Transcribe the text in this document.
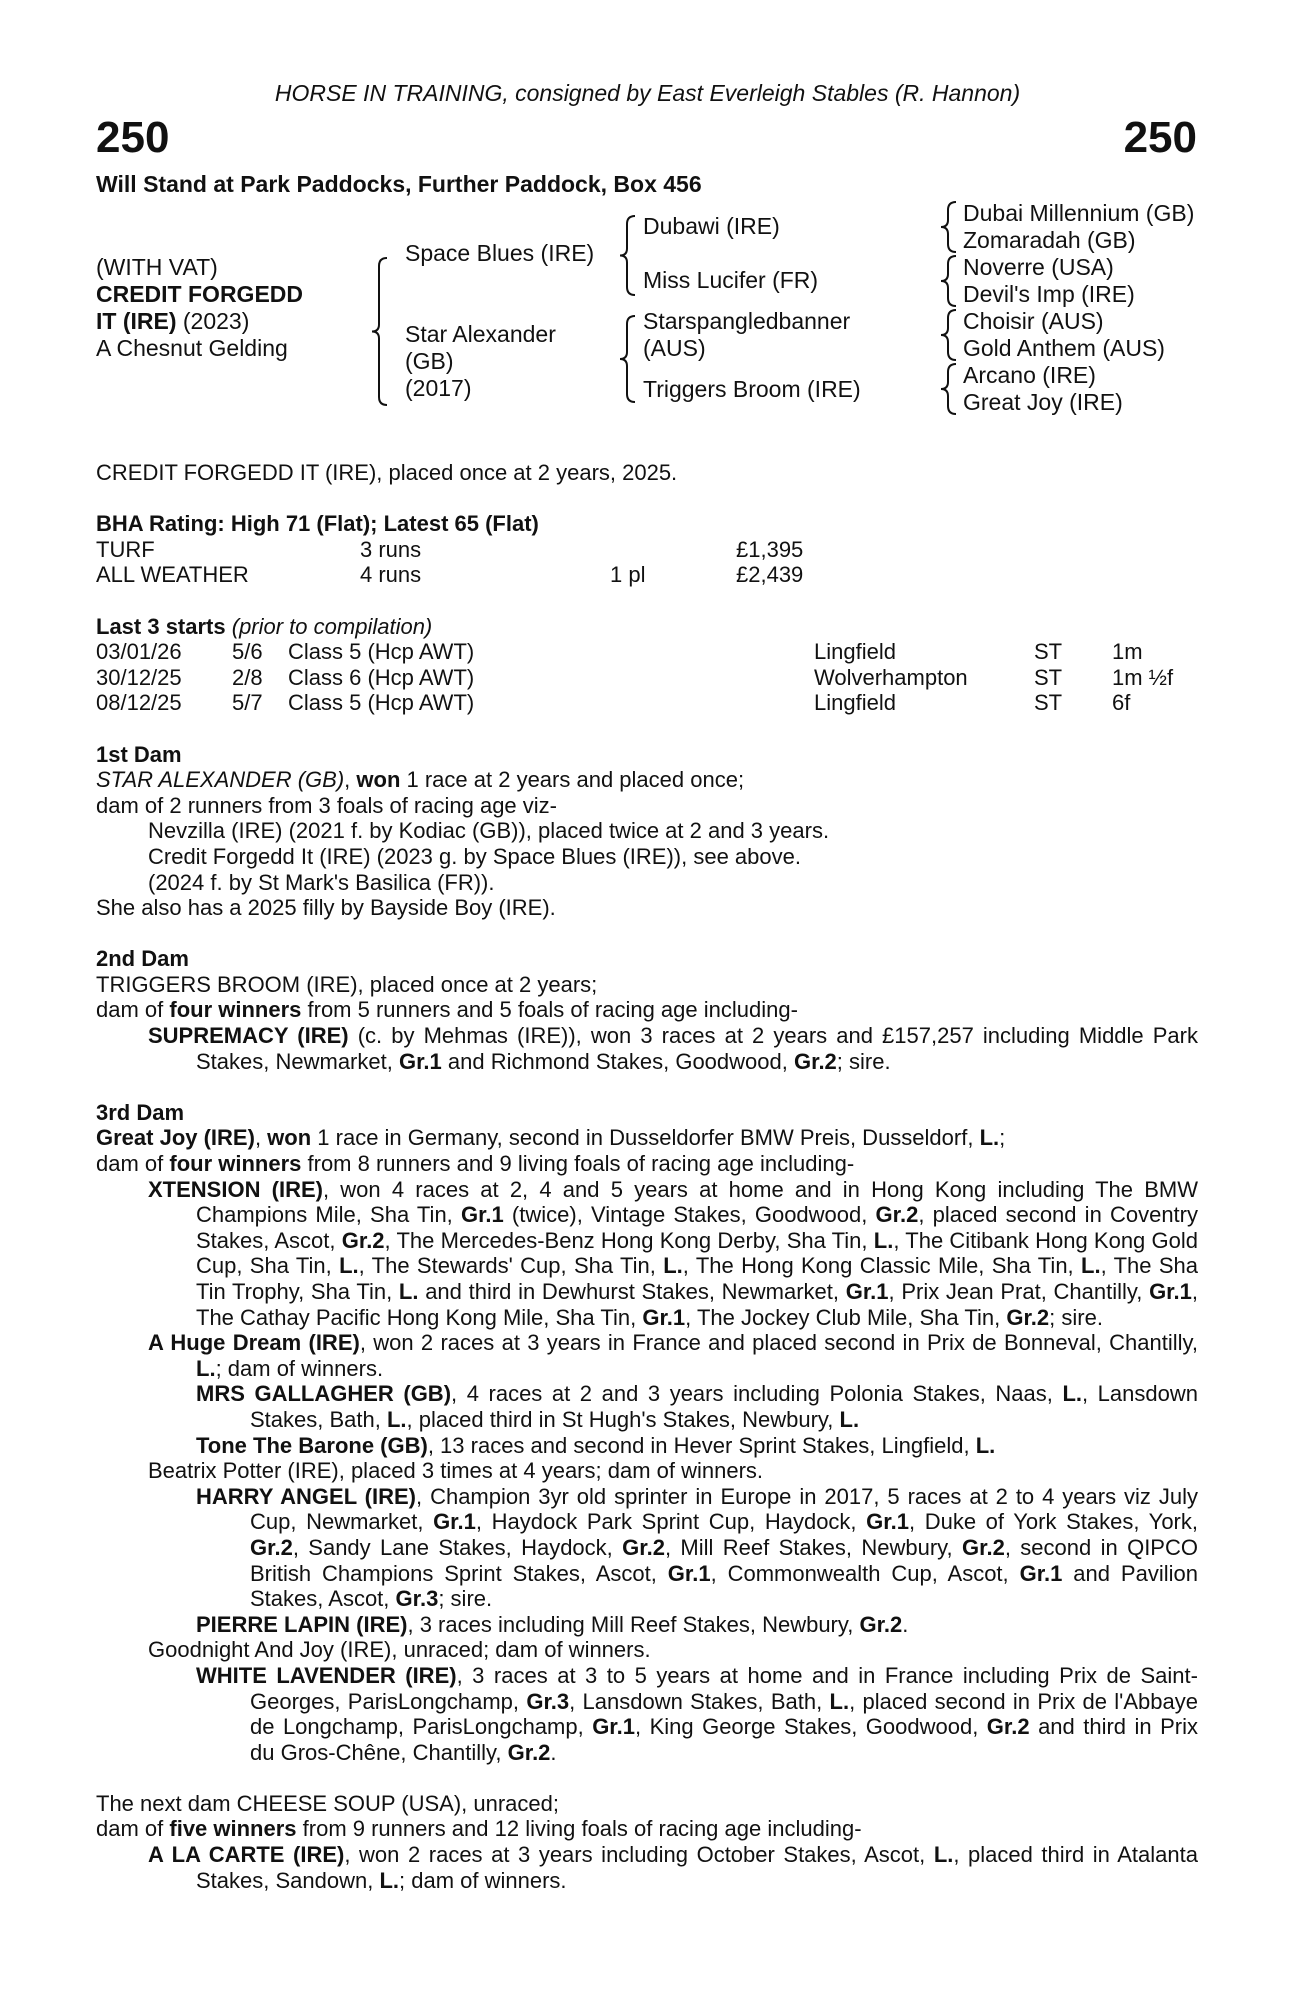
HORSE IN TRAINING, consigned by East Everleigh Stables (R. Hannon)
250	250
Will Stand at Park Paddocks, Further Paddock, Box 456
(WITH VAT)
CREDIT FORGEDD
IT (IRE) (2023)
A Chesnut Gelding
Space Blues (IRE)
Star Alexander
(GB)
(2017)
Dubawi (IRE)
Miss Lucifer (FR)
Starspangledbanner
(AUS)
Triggers Broom (IRE)
Dubai Millennium (GB)
Zomaradah (GB)
Noverre (USA)
Devil's Imp (IRE)
Choisir (AUS)
Gold Anthem (AUS)
Arcano (IRE)
Great Joy (IRE)
CREDIT FORGEDD IT (IRE), placed once at 2 years, 2025.
BHA Rating: High 71 (Flat); Latest 65 (Flat)
TURF	3 runs	£1,395
ALL WEATHER	4 runs	1 pl	£2,439
Last 3 starts (prior to compilation)
03/01/26 5/6 Class 5 (Hcp AWT)	Lingfield	ST 1m
30/12/25 2/8 Class 6 (Hcp AWT)	Wolverhampton	ST 1m ½f
08/12/25 5/7 Class 5 (Hcp AWT)	Lingfield	ST 6f

1st Dam

STAR ALEXANDER (GB), won 1 race at 2 years and placed once;

dam of 2 runners from 3 foals of racing age viz-

Nevzilla (IRE) (2021 f. by Kodiac (GB)), placed twice at 2 and 3 years.

Credit Forgedd It (IRE) (2023 g. by Space Blues (IRE)), see above.

(2024 f. by St Mark's Basilica (FR)).

She also has a 2025 filly by Bayside Boy (IRE).

2nd Dam

TRIGGERS BROOM (IRE), placed once at 2 years;

dam of four winners from 5 runners and 5 foals of racing age including-

SUPREMACY (IRE) (c. by Mehmas (IRE)), won 3 races at 2 years and £157,257 including Middle Park Stakes, Newmarket, Gr.1 and Richmond Stakes, Goodwood, Gr.2; sire.

3rd Dam

Great Joy (IRE), won 1 race in Germany, second in Dusseldorfer BMW Preis, Dusseldorf, L.;

dam of four winners from 8 runners and 9 living foals of racing age including-

XTENSION (IRE), won 4 races at 2, 4 and 5 years at home and in Hong Kong including The BMW Champions Mile, Sha Tin, Gr.1 (twice), Vintage Stakes, Goodwood, Gr.2, placed second in Coventry Stakes, Ascot, Gr.2, The Mercedes-Benz Hong Kong Derby, Sha Tin, L., The Citibank Hong Kong Gold Cup, Sha Tin, L., The Stewards' Cup, Sha Tin, L., The Hong Kong Classic Mile, Sha Tin, L., The Sha Tin Trophy, Sha Tin, L. and third in Dewhurst Stakes, Newmarket, Gr.1, Prix Jean Prat, Chantilly, Gr.1, The Cathay Pacific Hong Kong Mile, Sha Tin, Gr.1, The Jockey Club Mile, Sha Tin, Gr.2; sire.

A Huge Dream (IRE), won 2 races at 3 years in France and placed second in Prix de Bonneval, Chantilly, L.; dam of winners.

MRS GALLAGHER (GB), 4 races at 2 and 3 years including Polonia Stakes, Naas, L., Lansdown Stakes, Bath, L., placed third in St Hugh's Stakes, Newbury, L.

Tone The Barone (GB), 13 races and second in Hever Sprint Stakes, Lingfield, L.

Beatrix Potter (IRE), placed 3 times at 4 years; dam of winners.

HARRY ANGEL (IRE), Champion 3yr old sprinter in Europe in 2017, 5 races at 2 to 4 years viz July Cup, Newmarket, Gr.1, Haydock Park Sprint Cup, Haydock, Gr.1, Duke of York Stakes, York, Gr.2, Sandy Lane Stakes, Haydock, Gr.2, Mill Reef Stakes, Newbury, Gr.2, second in QIPCO British Champions Sprint Stakes, Ascot, Gr.1, Commonwealth Cup, Ascot, Gr.1 and Pavilion Stakes, Ascot, Gr.3; sire.

PIERRE LAPIN (IRE), 3 races including Mill Reef Stakes, Newbury, Gr.2.

Goodnight And Joy (IRE), unraced; dam of winners.

WHITE LAVENDER (IRE), 3 races at 3 to 5 years at home and in France including Prix de Saint-Georges, ParisLongchamp, Gr.3, Lansdown Stakes, Bath, L., placed second in Prix de l'Abbaye de Longchamp, ParisLongchamp, Gr.1, King George Stakes, Goodwood, Gr.2 and third in Prix du Gros-Chêne, Chantilly, Gr.2.

The next dam CHEESE SOUP (USA), unraced;

dam of five winners from 9 runners and 12 living foals of racing age including-

A LA CARTE (IRE), won 2 races at 3 years including October Stakes, Ascot, L., placed third in Atalanta Stakes, Sandown, L.; dam of winners.
